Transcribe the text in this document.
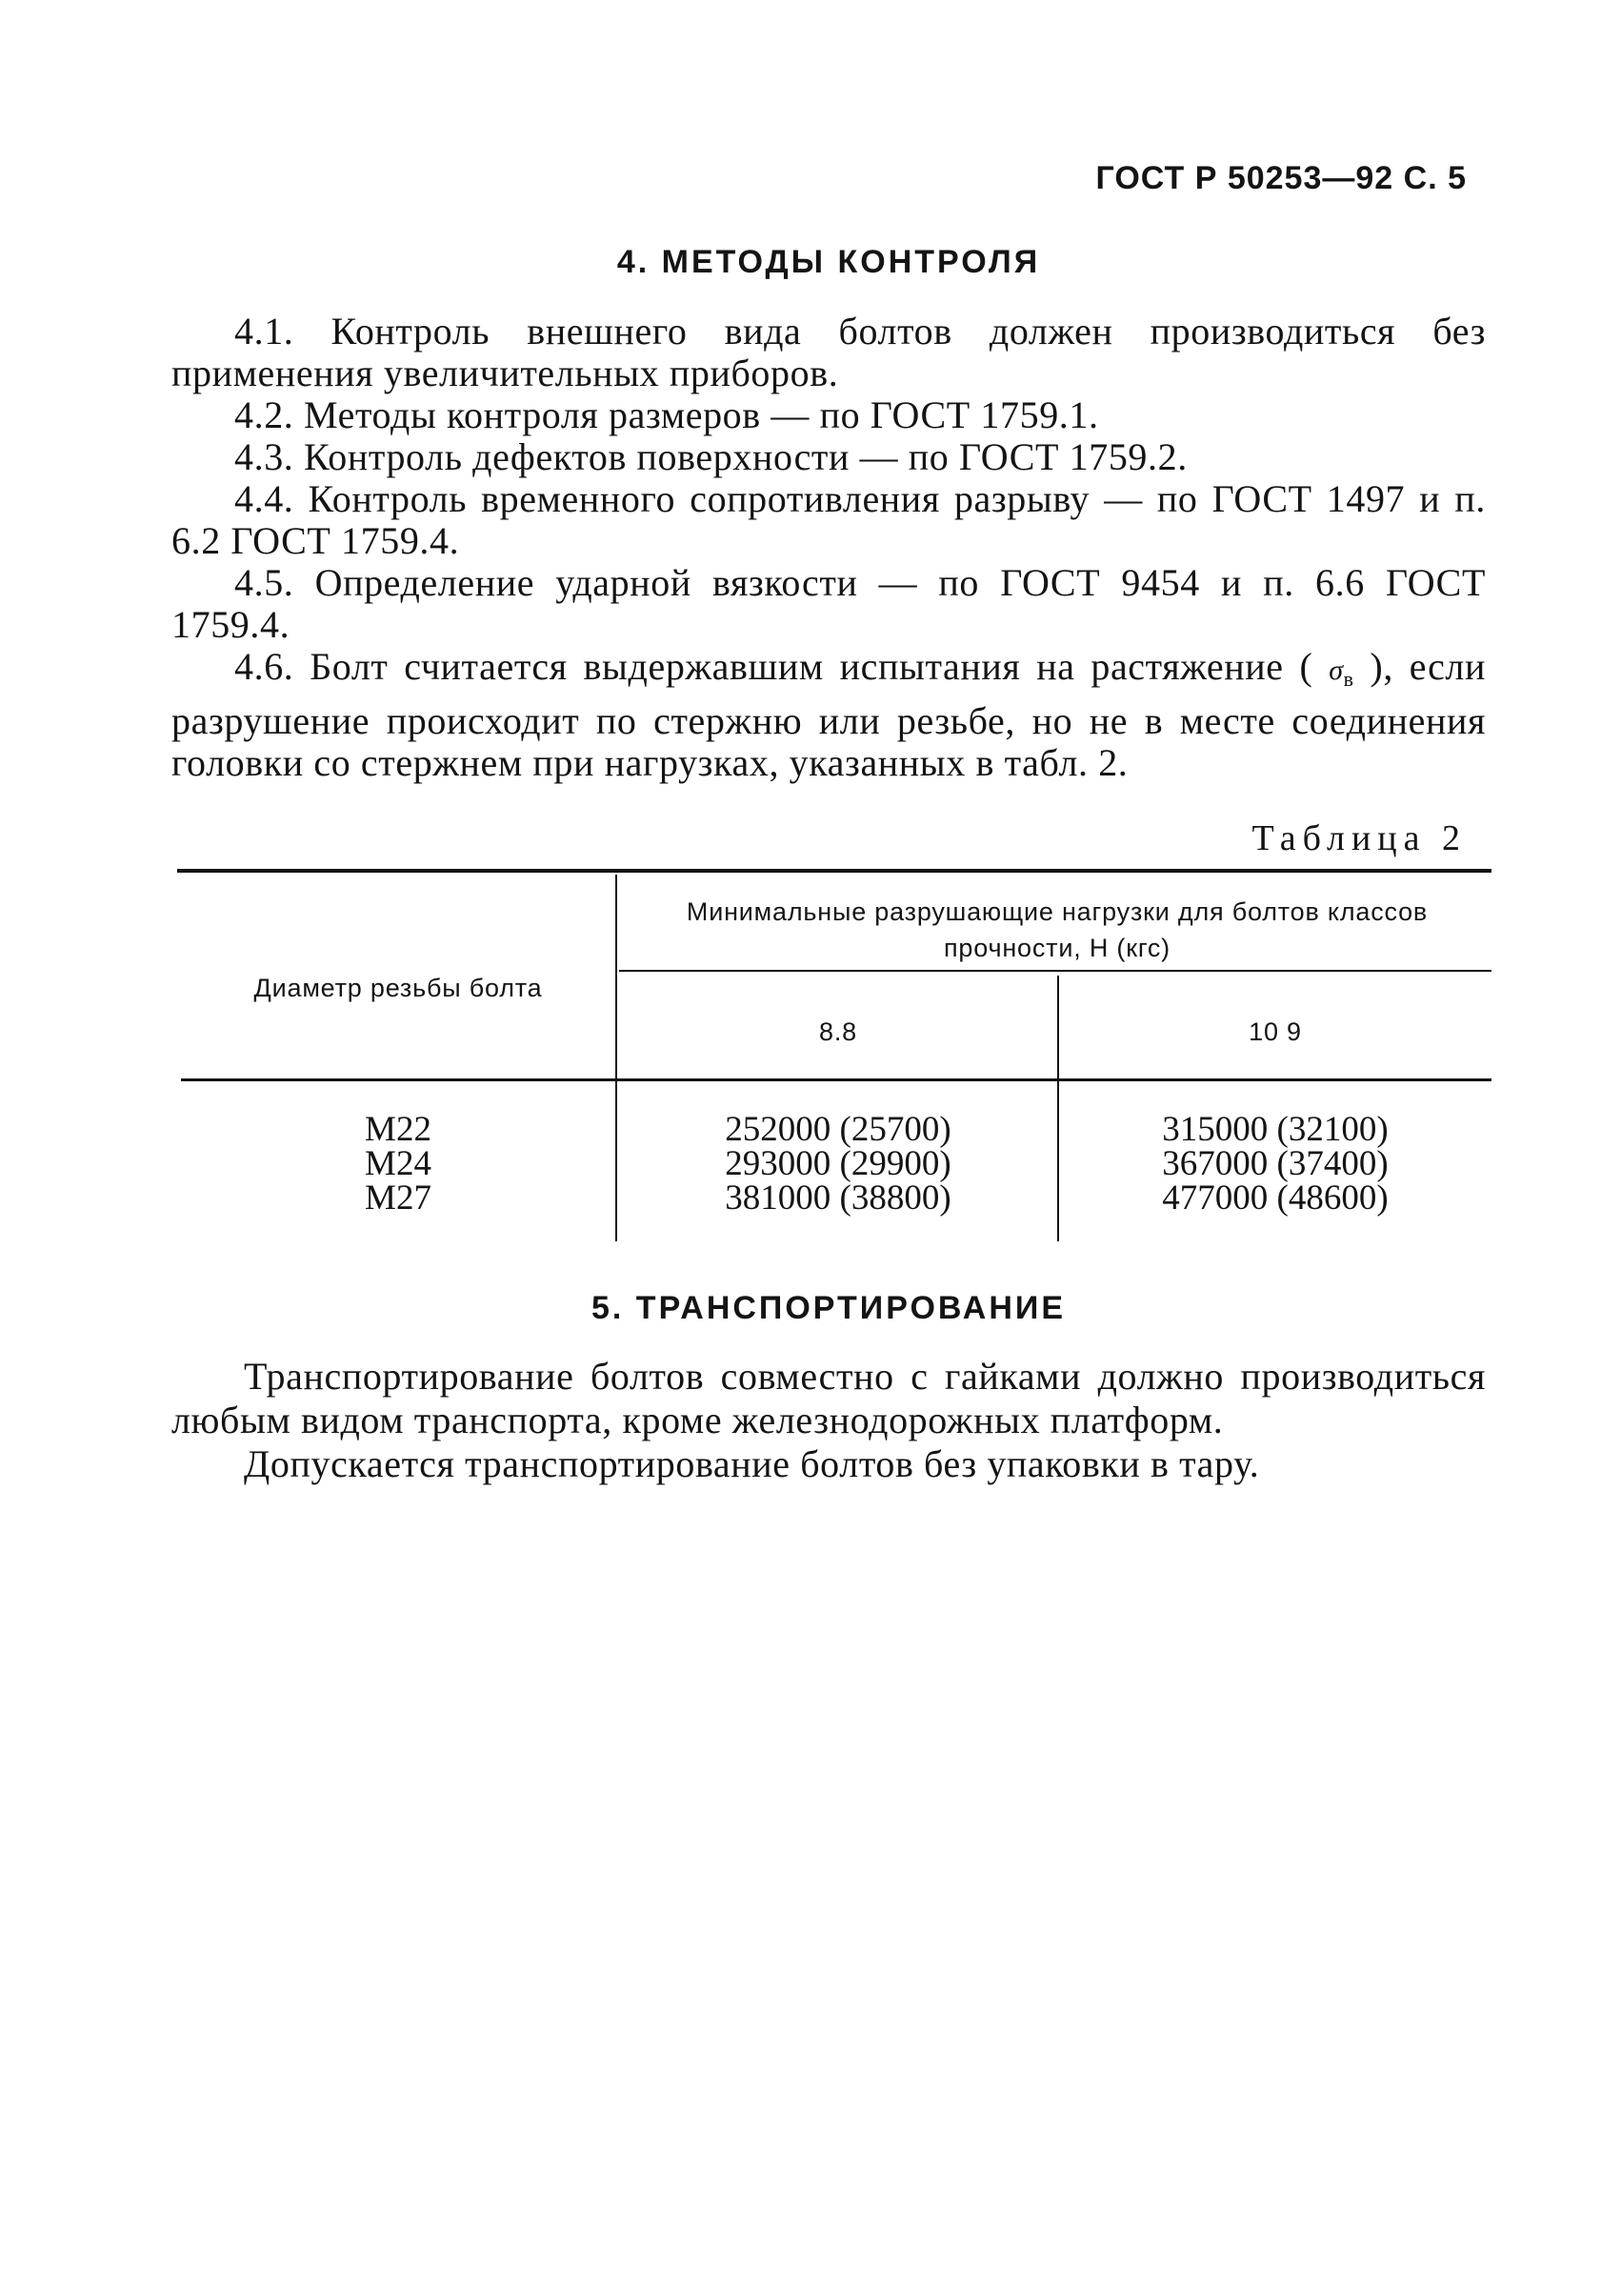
ГОСТ Р 50253—92 С. 5
4. МЕТОДЫ КОНТРОЛЯ

4.1. Контроль внешнего вида болтов должен производиться без применения увеличительных приборов.

4.2. Методы контроля размеров — по ГОСТ 1759.1.

4.3. Контроль дефектов поверхности — по ГОСТ 1759.2.

4.4. Контроль временного сопротивления разрыву — по ГОСТ 1497 и п. 6.2 ГОСТ 1759.4.

4.5. Определение ударной вязкости — по ГОСТ 9454 и п. 6.6 ГОСТ 1759.4.

4.6. Болт считается выдержавшим испытания на растяжение ( $\sigma_в$ ), если разрушение происходит по стержню или резьбе, но не в месте соединения головки со стержнем при нагрузках, указанных в табл. 2.

Таблица 2
Диаметр резьбы болта
Минимальные разрушающие нагрузки для болтов классов прочности, Н (кгс)
8.8	10 9
M22
M24
M27
252000 (25700)
293000 (29900)
381000 (38800)
315000 (32100)
367000 (37400)
477000 (48600)
5. ТРАНСПОРТИРОВАНИЕ

Транспортирование болтов совместно с гайками должно производиться любым видом транспорта, кроме железнодорожных платформ.

Допускается транспортирование болтов без упаковки в тару.
